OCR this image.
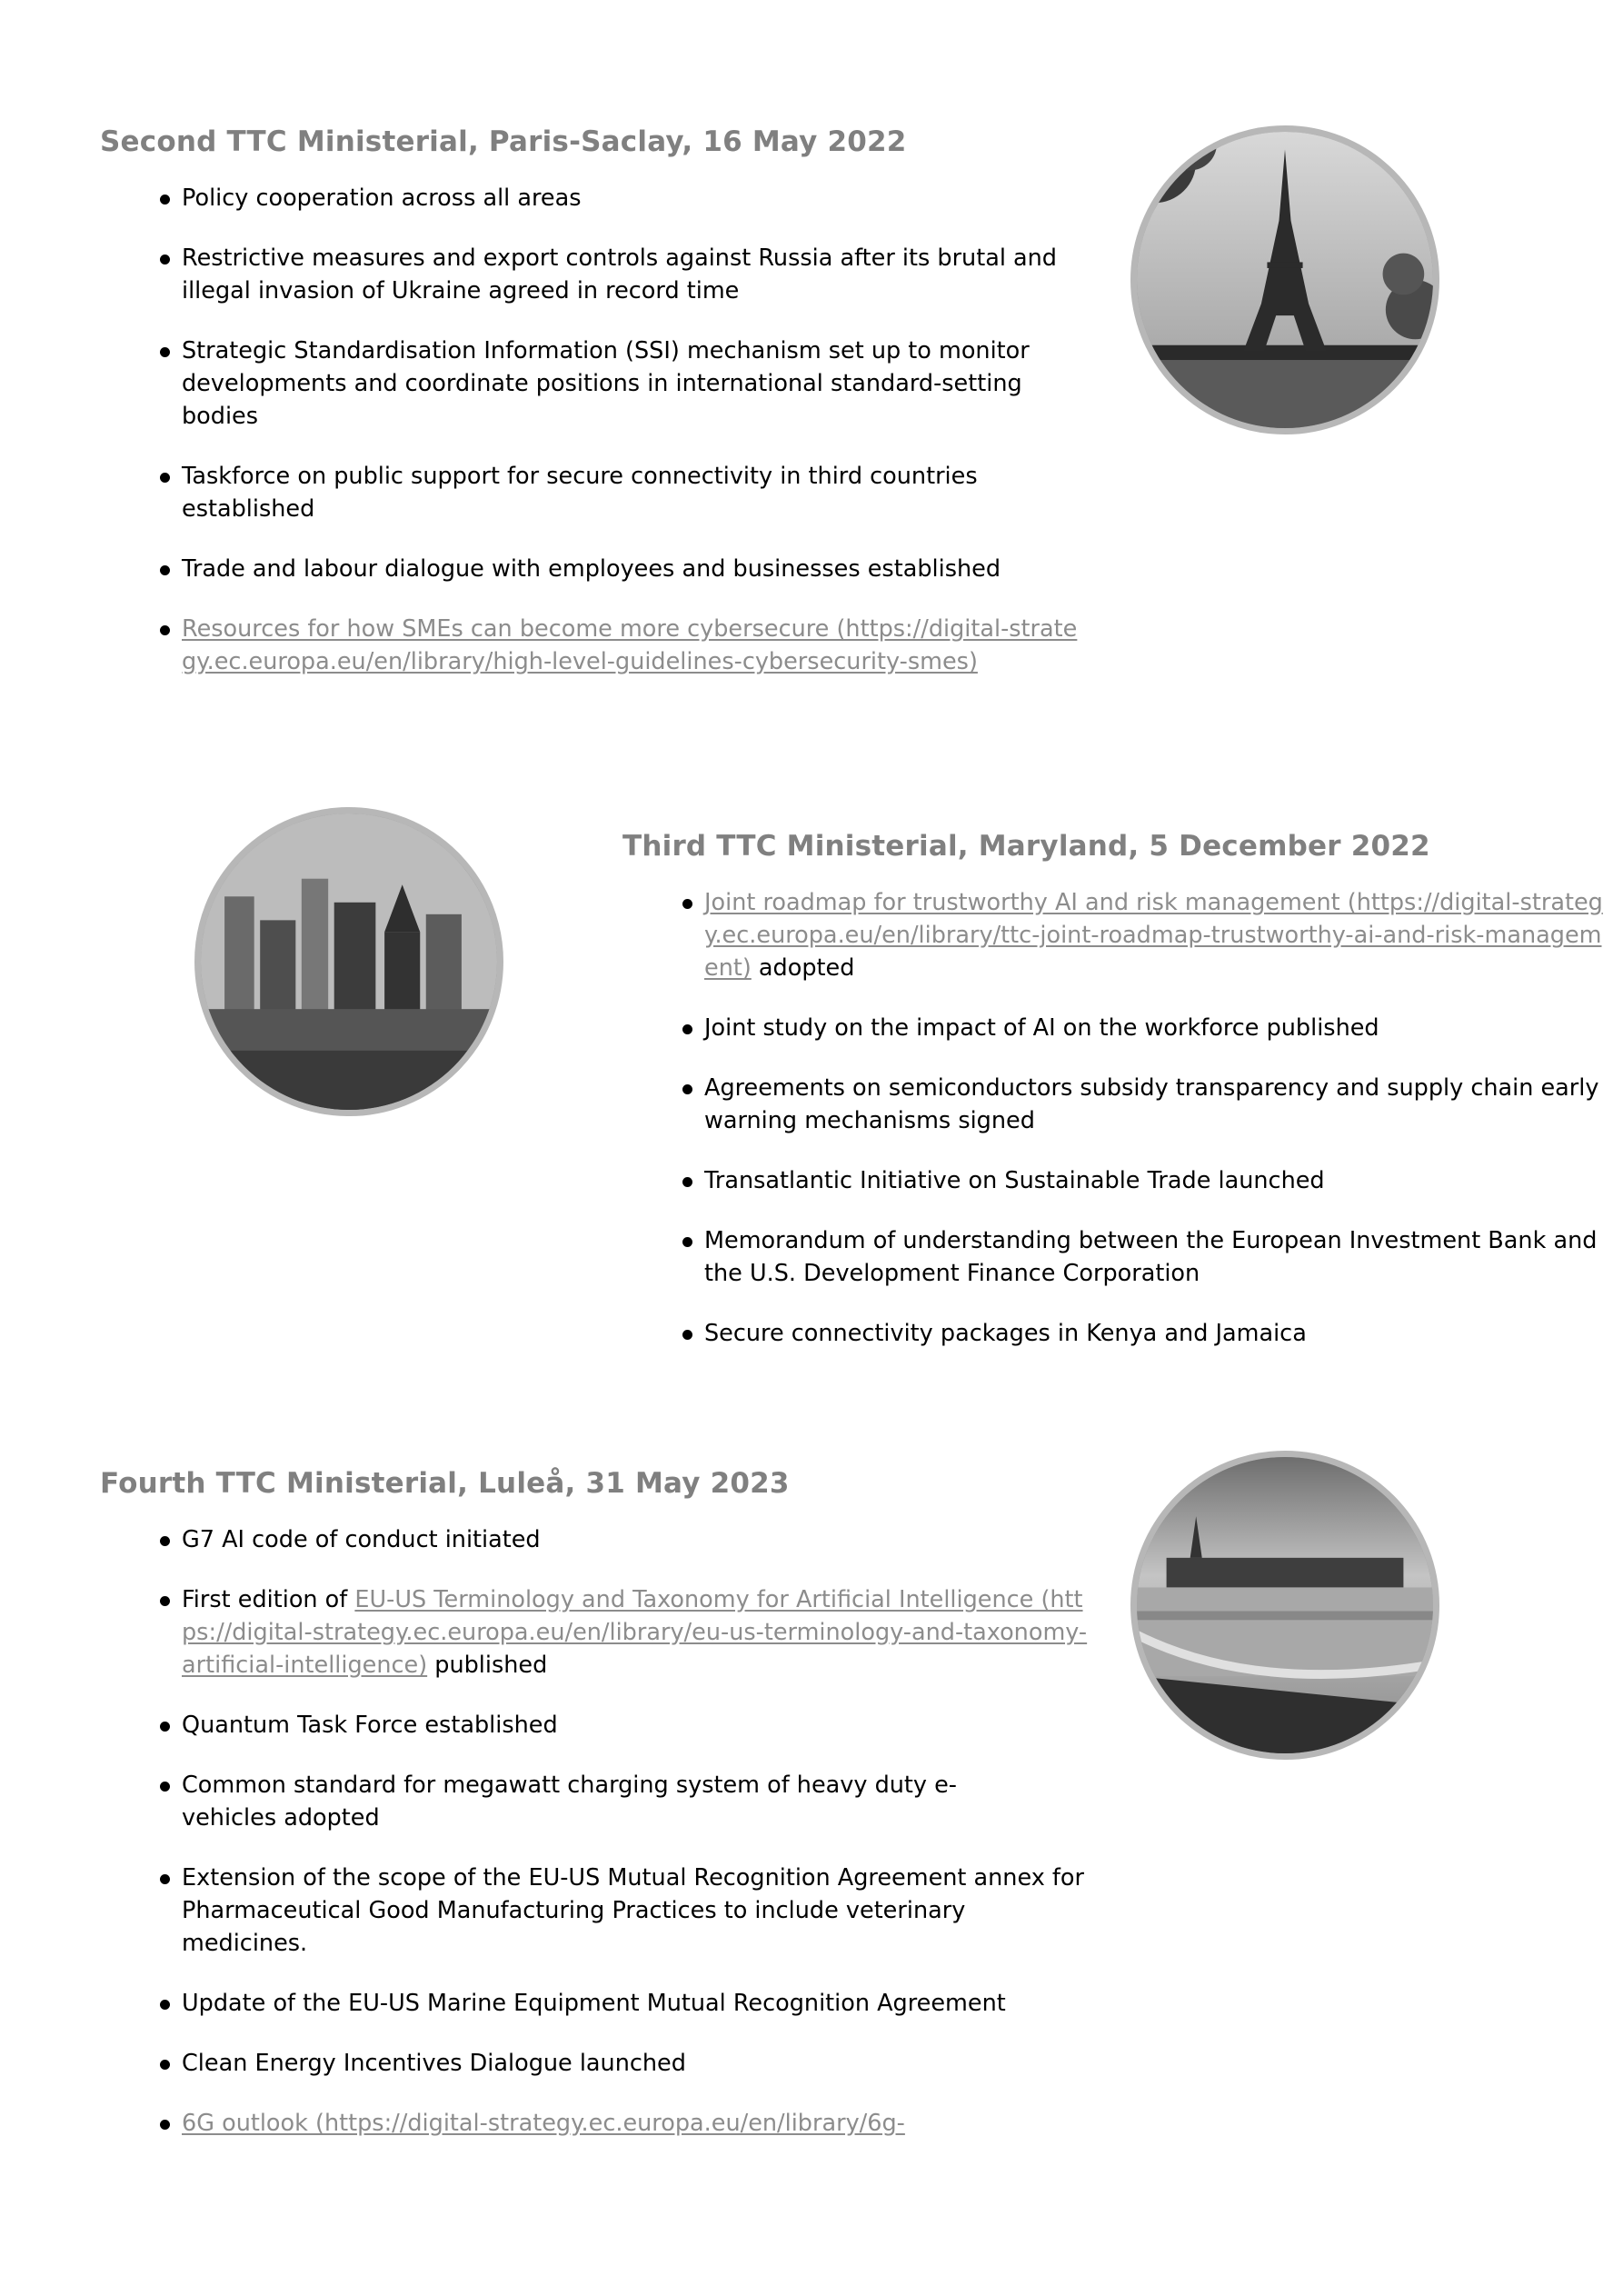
Second TTC Ministerial, Paris-Saclay, 16 May 2022
Policy cooperation across all areas
Restrictive measures and export controls against Russia after its brutal and illegal invasion of Ukraine agreed in record time
Strategic Standardisation Information (SSI) mechanism set up to monitor developments and coordinate positions in international standard-setting bodies
Taskforce on public support for secure connectivity in third countries established
Trade and labour dialogue with employees and businesses established
Resources for how SMEs can become more cybersecure (https://digital-strategy.ec.europa.eu/en/library/high-level-guidelines-cybersecurity-smes)
Third TTC Ministerial, Maryland, 5 December 2022
Joint roadmap for trustworthy AI and risk management (https://digital-strategy.ec.europa.eu/en/library/ttc-joint-roadmap-trustworthy-ai-and-risk-management) adopted
Joint study on the impact of AI on the workforce published
Agreements on semiconductors subsidy transparency and supply chain early warning mechanisms signed
Transatlantic Initiative on Sustainable Trade launched
Memorandum of understanding between the European Investment Bank and the U.S. Development Finance Corporation
Secure connectivity packages in Kenya and Jamaica
Fourth TTC Ministerial, Luleå, 31 May 2023
G7 AI code of conduct initiated
First edition of EU-US Terminology and Taxonomy for Artificial Intelligence (https://digital-strategy.ec.europa.eu/en/library/eu-us-terminology-and-taxonomy-artificial-intelligence) published
Quantum Task Force established
Common standard for megawatt charging system of heavy duty e-vehicles adopted
Extension of the scope of the EU-US Mutual Recognition Agreement annex for Pharmaceutical Good Manufacturing Practices to include veterinary medicines.
Update of the EU-US Marine Equipment Mutual Recognition Agreement
Clean Energy Incentives Dialogue launched
6G outlook (https://digital-strategy.ec.europa.eu/en/library/6g-
